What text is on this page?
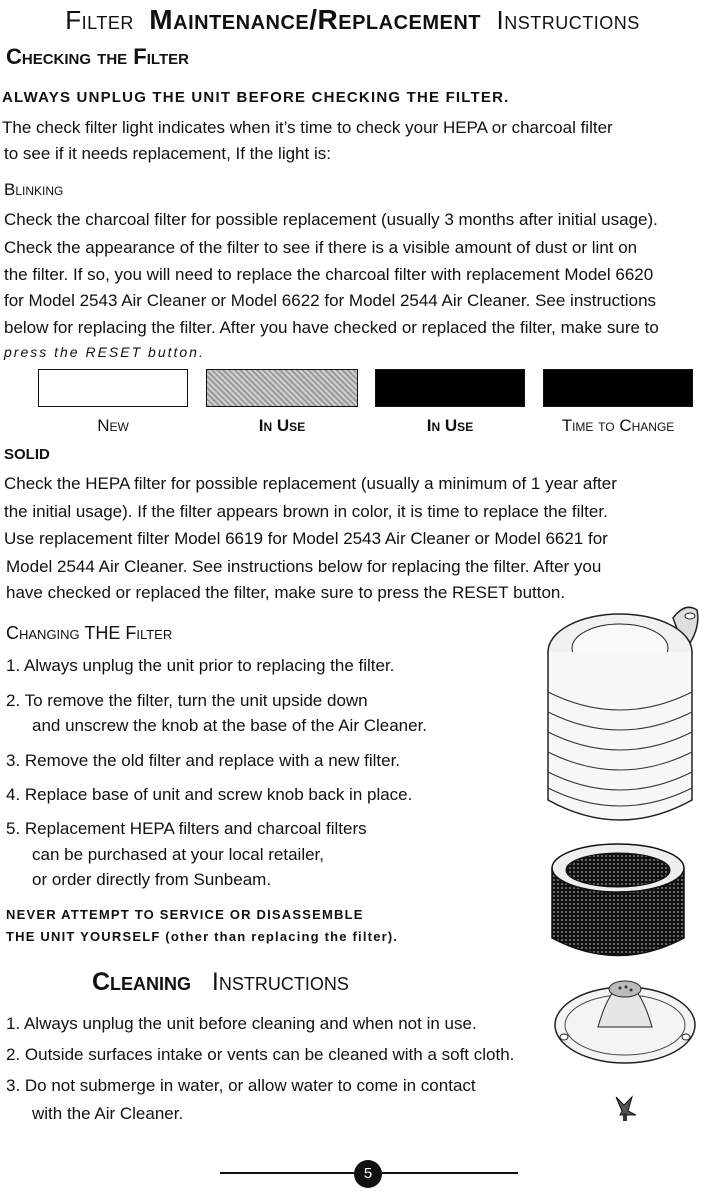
Filter Maintenance/Replacement Instructions
Checking the Filter
ALWAYS UNPLUG THE UNIT BEFORE CHECKING THE FILTER.
The check filter light indicates when it’s time to check your HEPA or charcoal filter
to see if it needs replacement, If the light is:
Blinking
Check the charcoal filter for possible replacement (usually 3 months after initial usage).
Check the appearance of the filter to see if there is a visible amount of dust or lint on
the filter. If so, you will need to replace the charcoal filter with replacement Model 6620
for Model 2543 Air Cleaner or Model 6622 for Model 2544 Air Cleaner. See instructions
below for replacing the filter. After you have checked or replaced the filter, make sure to
press the RESET button.
New	In Use	In Use	Time to Change
SOLID
Check the HEPA filter for possible replacement (usually a minimum of 1 year after
the initial usage). If the filter appears brown in color, it is time to replace the filter.
Use replacement filter Model 6619 for Model 2543 Air Cleaner or Model 6621 for
Model 2544 Air Cleaner. See instructions below for replacing the filter. After you
have checked or replaced the filter, make sure to press the RESET button.
Changing THE Filter
1. Always unplug the unit prior to replacing the filter.
2. To remove the filter, turn the unit upside down
and unscrew the knob at the base of the Air Cleaner.
3. Remove the old filter and replace with a new filter.
4. Replace base of unit and screw knob back in place.
5. Replacement HEPA filters and charcoal filters
can be purchased at your local retailer,
or order directly from Sunbeam.
NEVER ATTEMPT TO SERVICE OR DISASSEMBLE
THE UNIT YOURSELF (other than replacing the filter).
Cleaning Instructions
1. Always unplug the unit before cleaning and when not in use.
2. Outside surfaces intake or vents can be cleaned with a soft cloth.
3. Do not submerge in water, or allow water to come in contact
with the Air Cleaner.
5
